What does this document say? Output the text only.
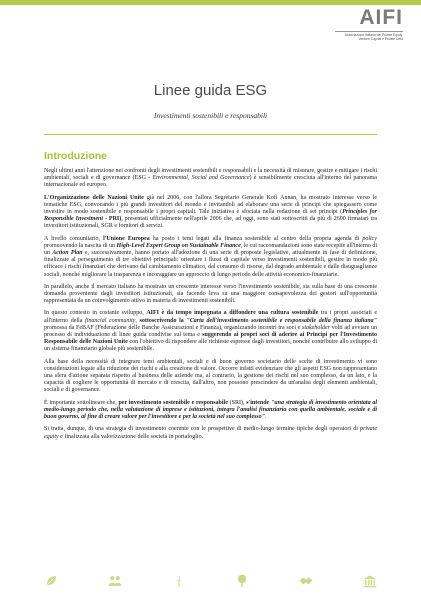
AIFI
Associazione Italiana del Private Equity,
Venture Capital e Private Debt
Linee guida ESG
Investimenti sostenibili e responsabili
Introduzione

Negli ultimi anni l'attenzione nei confronti degli investimenti sostenibili e responsabili e la necessità di misurare, gestire e mitigare i rischi ambientali, sociali e di governance (ESG - Environmental, Social and Governance) è sensibilmente cresciuta all'interno del panorama internazionale ed europeo.

L'Organizzazione delle Nazioni Unite già nel 2006, con l'allora Segretario Generale Kofi Annan, ha mostrato interesse verso le tematiche ESG, convocando i più grandi investitori del mondo e invitandoli ad elaborare una serie di principi che spiegassero come investire in modo sostenibile e responsabile i propri capitali. Tale iniziativa è sfociata nella redazione di sei principi (Principles for Responsible Investment - PRI), presentati ufficialmente nell'aprile 2006 che, ad oggi, sono stati sottoscritti da più di 2600 firmatari tra investitori istituzionali, SGR e fornitori di servizi.

A livello comunitario, l'Unione Europea ha posto i temi legati alla finanza sostenibile al centro della propria agenda di policy promuovendo la nascita di un High-Level Expert Group on Sustainable Finance, le cui raccomandazioni sono state recepite all'interno di un Action Plan e, successivamente, hanno portato all'adozione di una serie di proposte legislative, attualmente in fase di definizione, finalizzate al perseguimento di tre obiettivi principali: orientare i flussi di capitale verso investimenti sostenibili, gestire in modo più efficace i rischi finanziari che derivano dal cambiamento climatico, dal consumo di risorse, dal degrado ambientale e dalle disuguaglianze sociali, nonché migliorare la trasparenza e incoraggiare un approccio di lungo periodo delle attività economico-finanziarie.

In parallelo, anche il mercato italiano ha mostrato un crescente interesse verso l'investimento sostenibile, sia sulla base di una crescente domanda proveniente dagli investitori istituzionali, sia facendo leva su una maggiore consapevolezza dei gestori sull'opportunità rappresentata da un coinvolgimento attivo in materia di investimenti sostenibili.

In questo contesto in costante sviluppo, AIFI è da tempo impegnata a diffondere una cultura sostenibile tra i propri associati e all'interno della financial community, sottoscrivendo la "Carta dell'investimento sostenibile e responsabile della finanza italiana" promossa da FeBAF (Federazione delle Banche Assicurazioni e Finanza), organizzando incontri tra soci e stakeholder volti ad avviare un processo di individuazione di linee guida condivise sul tema e suggerendo ai propri soci di aderire ai Principi per l'Investimento Responsabile delle Nazioni Unite con l'obiettivo di rispondere alle richieste espresse dagli investitori, nonché contribuire allo sviluppo di un sistema finanziario globale più sostenibile.

Alla base della necessità di integrare temi ambientali, sociali e di buon governo societario delle scelte di investimento vi sono considerazioni legate alla riduzione dei rischi e alla creazione di valore. Occorre infatti evidenziare che gli aspetti ESG non rappresentano una sfera d'azione separata rispetto al business delle aziende ma, al contrario, la gestione dei rischi nel suo complesso, da un lato, e la capacità di cogliere le opportunità di mercato e di crescita, dall'altro, non possono prescindere da un'analisi degli elementi ambientali, sociali e di governance.

È importante sottolineare che, per investimento sostenibile e responsabile (SRI), s'intende "una strategia di investimento orientata al medio-lungo periodo che, nella valutazione di imprese e istituzioni, integra l'analisi finanziaria con quella ambientale, sociale e di buon governo, al fine di creare valore per l'investitore e per la società nel suo complesso".

Si tratta, dunque, di una strategia di investimento coerente con le prospettive di medio-lungo termine tipiche degli operatori di private equity e finalizzata alla valorizzazione delle società in portafoglio.
